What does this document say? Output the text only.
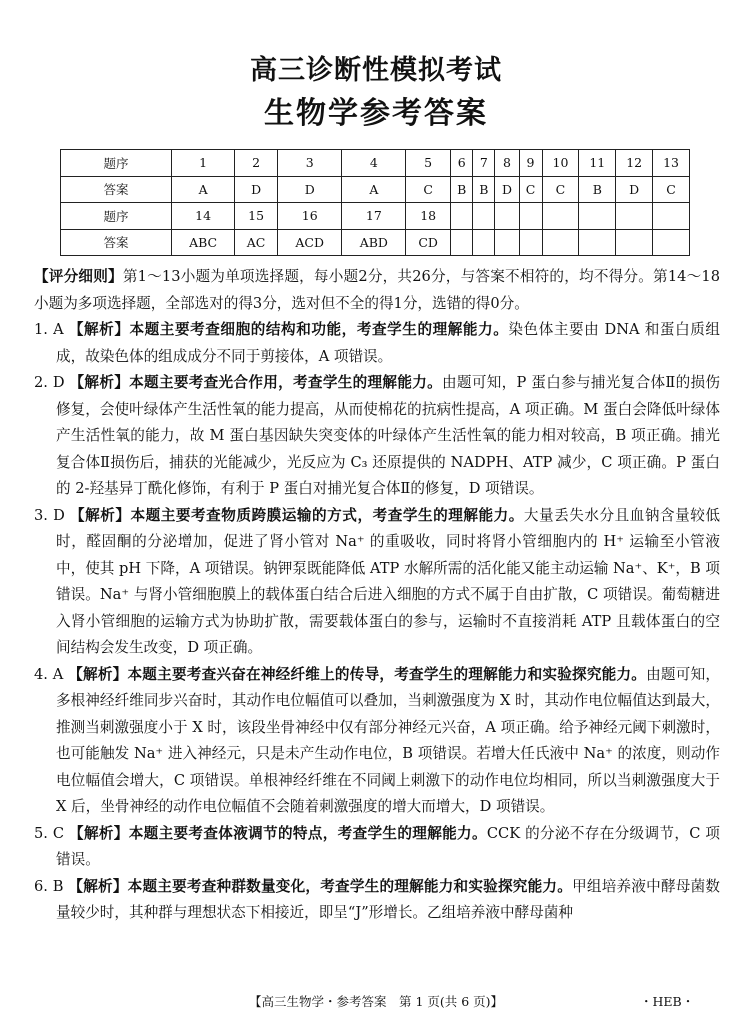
高三诊断性模拟考试
生物学参考答案
题序	1	2	3	4	5	6	7	8	9	10	11	12	13
答案	A	D	D	A	C	B	B	D	C	C	B	D	C
题序	14	15	16	17	18								
答案	ABC	AC	ACD	ABD	CD								

【评分细则】第1～13小题为单项选择题，每小题2分，共26分，与答案不相符的，均不得分。第14～18小题为多项选择题，全部选对的得3分，选对但不全的得1分，选错的得0分。

1. A 【解析】本题主要考查细胞的结构和功能，考查学生的理解能力。染色体主要由 DNA 和蛋白质组成，故染色体的组成成分不同于剪接体，A 项错误。

2. D 【解析】本题主要考查光合作用，考查学生的理解能力。由题可知，P 蛋白参与捕光复合体Ⅱ的损伤修复，会使叶绿体产生活性氧的能力提高，从而使棉花的抗病性提高，A 项正确。M 蛋白会降低叶绿体产生活性氧的能力，故 M 蛋白基因缺失突变体的叶绿体产生活性氧的能力相对较高，B 项正确。捕光复合体Ⅱ损伤后，捕获的光能减少，光反应为 C₃ 还原提供的 NADPH、ATP 减少，C 项正确。P 蛋白的 2-羟基异丁酰化修饰，有利于 P 蛋白对捕光复合体Ⅱ的修复，D 项错误。

3. D 【解析】本题主要考查物质跨膜运输的方式，考查学生的理解能力。大量丢失水分且血钠含量较低时，醛固酮的分泌增加，促进了肾小管对 Na⁺ 的重吸收，同时将肾小管细胞内的 H⁺ 运输至小管液中，使其 pH 下降，A 项错误。钠钾泵既能降低 ATP 水解所需的活化能又能主动运输 Na⁺、K⁺，B 项错误。Na⁺ 与肾小管细胞膜上的载体蛋白结合后进入细胞的方式不属于自由扩散，C 项错误。葡萄糖进入肾小管细胞的运输方式为协助扩散，需要载体蛋白的参与，运输时不直接消耗 ATP 且载体蛋白的空间结构会发生改变，D 项正确。

4. A 【解析】本题主要考查兴奋在神经纤维上的传导，考查学生的理解能力和实验探究能力。由题可知，多根神经纤维同步兴奋时，其动作电位幅值可以叠加，当刺激强度为 X 时，其动作电位幅值达到最大，推测当刺激强度小于 X 时，该段坐骨神经中仅有部分神经元兴奋，A 项正确。给予神经元阈下刺激时，也可能触发 Na⁺ 进入神经元，只是未产生动作电位，B 项错误。若增大任氏液中 Na⁺ 的浓度，则动作电位幅值会增大，C 项错误。单根神经纤维在不同阈上刺激下的动作电位均相同，所以当刺激强度大于 X 后，坐骨神经的动作电位幅值不会随着刺激强度的增大而增大，D 项错误。

5. C 【解析】本题主要考查体液调节的特点，考查学生的理解能力。CCK 的分泌不存在分级调节，C 项错误。

6. B 【解析】本题主要考查种群数量变化，考查学生的理解能力和实验探究能力。甲组培养液中酵母菌数量较少时，其种群与理想状态下相接近，即呈“J”形增长。乙组培养液中酵母菌种

【高三生物学・参考答案　第 1 页(共 6 页)】	・HEB・
